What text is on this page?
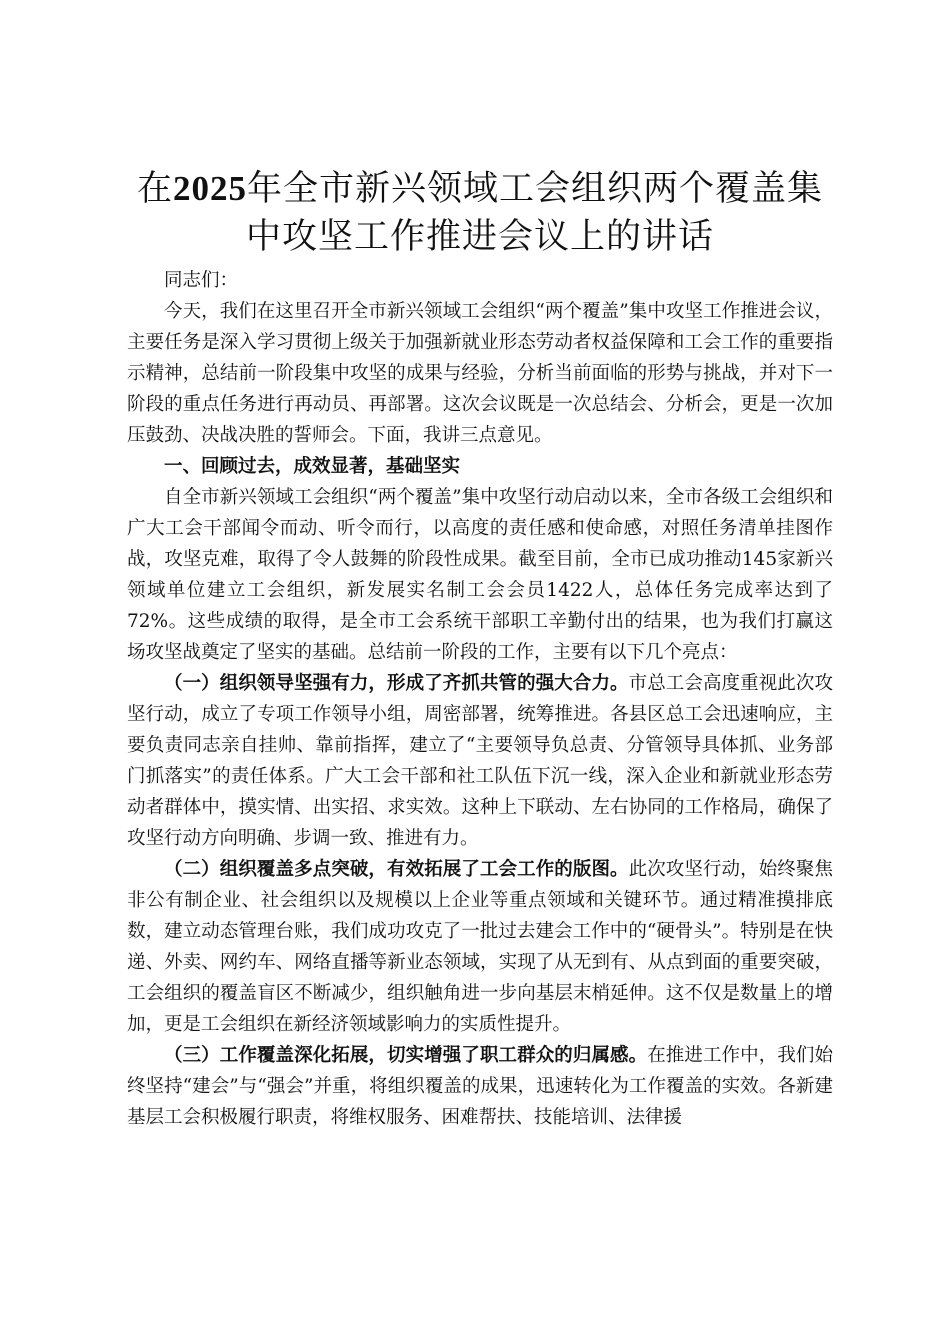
在2025年全市新兴领域工会组织两个覆盖集
中攻坚工作推进会议上的讲话

同志们：

今天，我们在这里召开全市新兴领域工会组织“两个覆盖”集中攻坚工作推进会议，主要任务是深入学习贯彻上级关于加强新就业形态劳动者权益保障和工会工作的重要指示精神，总结前一阶段集中攻坚的成果与经验，分析当前面临的形势与挑战，并对下一阶段的重点任务进行再动员、再部署。这次会议既是一次总结会、分析会，更是一次加压鼓劲、决战决胜的誓师会。下面，我讲三点意见。

一、回顾过去，成效显著，基础坚实

自全市新兴领域工会组织“两个覆盖”集中攻坚行动启动以来，全市各级工会组织和广大工会干部闻令而动、听令而行，以高度的责任感和使命感，对照任务清单挂图作战，攻坚克难，取得了令人鼓舞的阶段性成果。截至目前，全市已成功推动145家新兴领域单位建立工会组织，新发展实名制工会会员1422人，总体任务完成率达到了72%。这些成绩的取得，是全市工会系统干部职工辛勤付出的结果，也为我们打赢这场攻坚战奠定了坚实的基础。总结前一阶段的工作，主要有以下几个亮点：

（一）组织领导坚强有力，形成了齐抓共管的强大合力。市总工会高度重视此次攻坚行动，成立了专项工作领导小组，周密部署，统筹推进。各县区总工会迅速响应，主要负责同志亲自挂帅、靠前指挥，建立了“主要领导负总责、分管领导具体抓、业务部门抓落实”的责任体系。广大工会干部和社工队伍下沉一线，深入企业和新就业形态劳动者群体中，摸实情、出实招、求实效。这种上下联动、左右协同的工作格局，确保了攻坚行动方向明确、步调一致、推进有力。

（二）组织覆盖多点突破，有效拓展了工会工作的版图。此次攻坚行动，始终聚焦非公有制企业、社会组织以及规模以上企业等重点领域和关键环节。通过精准摸排底数，建立动态管理台账，我们成功攻克了一批过去建会工作中的“硬骨头”。特别是在快递、外卖、网约车、网络直播等新业态领域，实现了从无到有、从点到面的重要突破，工会组织的覆盖盲区不断减少，组织触角进一步向基层末梢延伸。这不仅是数量上的增加，更是工会组织在新经济领域影响力的实质性提升。

（三）工作覆盖深化拓展，切实增强了职工群众的归属感。在推进工作中，我们始终坚持“建会”与“强会”并重，将组织覆盖的成果，迅速转化为工作覆盖的实效。各新建基层工会积极履行职责，将维权服务、困难帮扶、技能培训、法律援
